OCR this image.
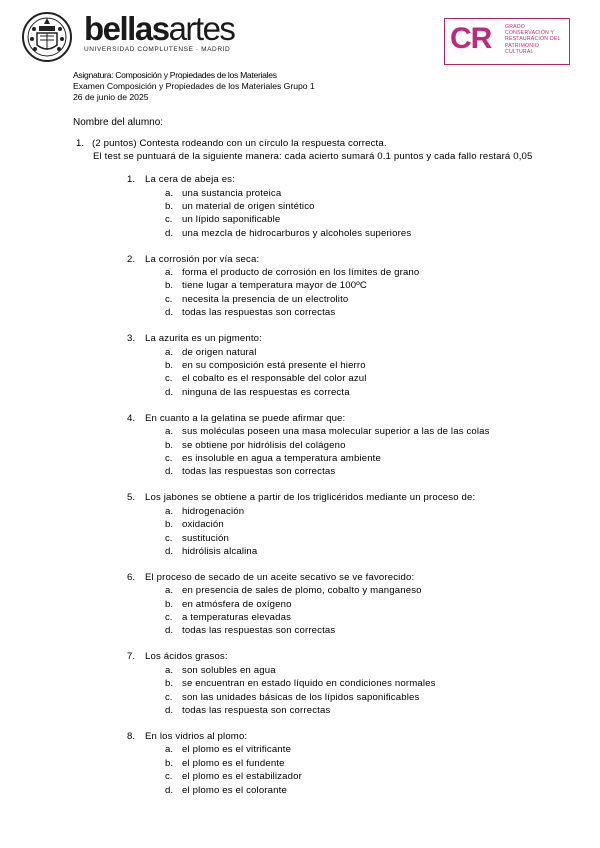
bellasartes
UNIVERSIDAD COMPLUTENSE · MADRID	CR	GRADO CONSERVACIÓN Y RESTAURACIÓN DEL PATRIMONIO CULTURAL
Asignatura: Composición y Propiedades de los Materiales
Examen Composición y Propiedades de los Materiales Grupo 1
26 de junio de 2025
Nombre del alumno:
1. (2 puntos) Contesta rodeando con un círculo la respuesta correcta.
El test se puntuará de la siguiente manera: cada acierto sumará 0.1 puntos y cada fallo restará 0,05
1.	La cera de abeja es:
a. una sustancia proteica
b. un material de origen sintético
c. un lípido saponificable
d. una mezcla de hidrocarburos y alcoholes superiores
2.	La corrosión por vía seca:
a. forma el producto de corrosión en los límites de grano
b. tiene lugar a temperatura mayor de 100ºC
c. necesita la presencia de un electrolito
d. todas las respuestas son correctas
3.	La azurita es un pigmento:
a. de origen natural
b. en su composición está presente el hierro
c. el cobalto es el responsable del color azul
d. ninguna de las respuestas es correcta
4.	En cuanto a la gelatina se puede afirmar que:
a. sus moléculas poseen una masa molecular superior a las de las colas
b. se obtiene por hidrólisis del colágeno
c. es insoluble en agua a temperatura ambiente
d. todas las respuestas son correctas
5.	Los jabones se obtiene a partir de los triglicéridos mediante un proceso de:
a. hidrogenación
b. oxidación
c. sustitución
d. hidrólisis alcalina
6.	El proceso de secado de un aceite secativo se ve favorecido:
a. en presencia de sales de plomo, cobalto y manganeso
b. en atmósfera de oxígeno
c. a temperaturas elevadas
d. todas las respuestas son correctas
7.	Los ácidos grasos:
a. son solubles en agua
b. se encuentran en estado líquido en condiciones normales
c. son las unidades básicas de los lípidos saponificables
d. todas las respuesta son correctas
8.	En los vidrios al plomo:
a. el plomo es el vitrificante
b. el plomo es el fundente
c. el plomo es el estabilizador
d. el plomo es el colorante
